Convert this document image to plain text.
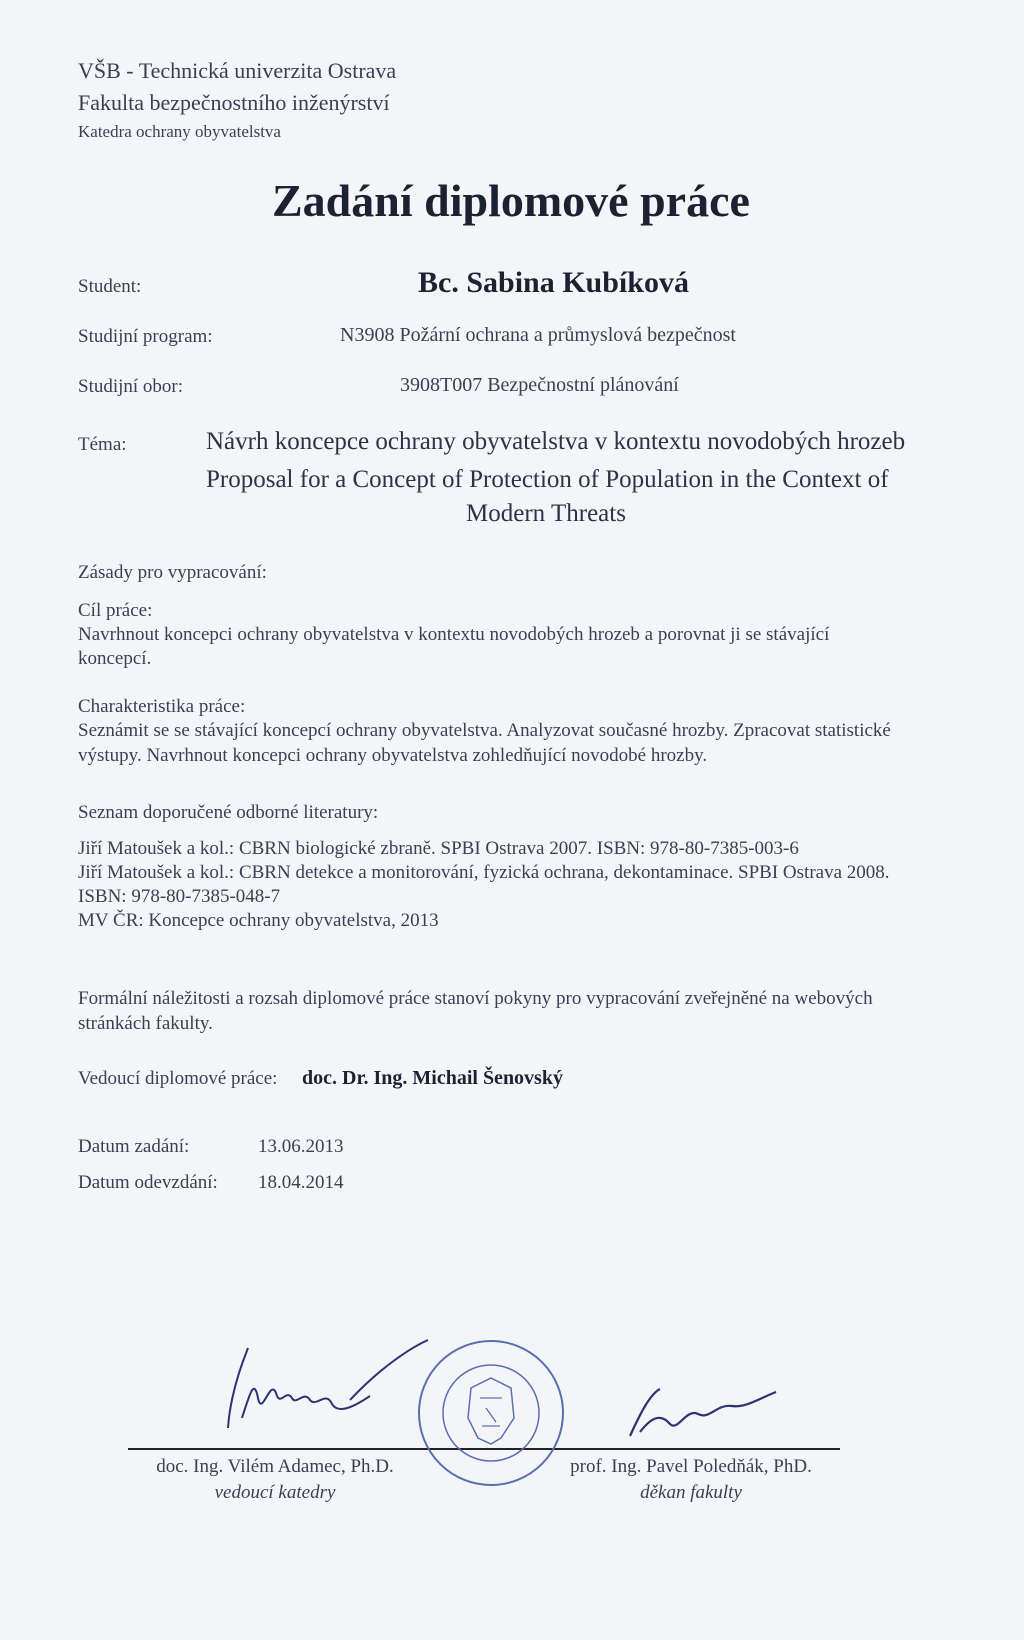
VŠB - Technická univerzita Ostrava
Fakulta bezpečnostního inženýrství
Katedra ochrany obyvatelstva
Zadání diplomové práce
Student:	Bc. Sabina Kubíková
Studijní program:	N3908 Požární ochrana a průmyslová bezpečnost
Studijní obor:	3908T007 Bezpečnostní plánování
Téma:	Návrh koncepce ochrany obyvatelstva v kontextu novodobých hrozeb
Proposal for a Concept of Protection of Population in the Context of
Modern Threats
Zásady pro vypracování:
Cíl práce:
Navrhnout koncepci ochrany obyvatelstva v kontextu novodobých hrozeb a porovnat ji se stávající
koncepcí.
Charakteristika práce:
Seznámit se se stávající koncepcí ochrany obyvatelstva. Analyzovat současné hrozby. Zpracovat statistické
výstupy. Navrhnout koncepci ochrany obyvatelstva zohledňující novodobé hrozby.
Seznam doporučené odborné literatury:
Jiří Matoušek a kol.: CBRN biologické zbraně. SPBI Ostrava 2007. ISBN: 978-80-7385-003-6
Jiří Matoušek a kol.: CBRN detekce a monitorování, fyzická ochrana, dekontaminace. SPBI Ostrava 2008.
ISBN: 978-80-7385-048-7
MV ČR: Koncepce ochrany obyvatelstva, 2013
Formální náležitosti a rozsah diplomové práce stanoví pokyny pro vypracování zveřejněné na webových
stránkách fakulty.
Vedoucí diplomové práce: doc. Dr. Ing. Michail Šenovský
Datum zadání:	13.06.2013
Datum odevzdání: 18.04.2014
doc. Ing. Vilém Adamec, Ph.D.
vedoucí katedry
prof. Ing. Pavel Poledňák, PhD.
děkan fakulty
